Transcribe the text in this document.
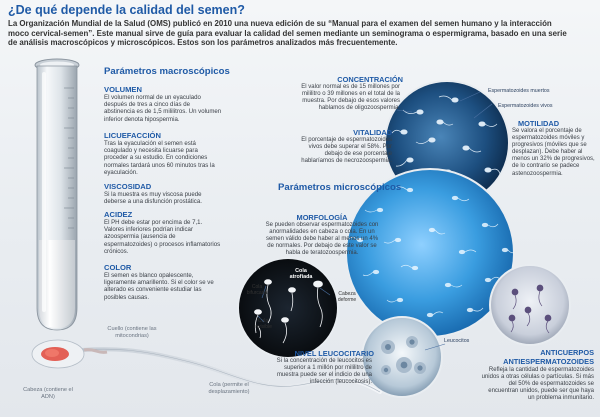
¿De qué depende la calidad del semen?
La Organización Mundial de la Salud (OMS) publicó en 2010 una nueva edición de su “Manual para el examen del semen humano y la interacción moco cervical-semen”. Este manual sirve de guía para evaluar la calidad del semen mediante un seminograma o espermigrama, basado en una serie de análisis macroscópicos y microscópicos. Estos son los parámetros analizados más frecuentemente.
Parámetros macroscópicos
VOLUMEN
El volumen normal de un eyaculado después de tres a cinco días de abstinencia es de 1,5 mililitros. Un volumen inferior denota hipospermia.
LICUEFACCIÓN
Tras la eyaculación el semen está coagulado y necesita licuarse para proceder a su estudio. En condiciones normales tardará unos 60 minutos tras la eyaculación.
VISCOSIDAD
Si la muestra es muy viscosa puede deberse a una disfunción prostática.
ACIDEZ
El PH debe estar por encima de 7,1. Valores inferiores podrían indicar azoospermia (ausencia de espermatozoides) o procesos inflamatorios crónicos.
COLOR
El semen es blanco opalescente, ligeramente amarillento. Si el color se ve alterado es conveniente estudiar las posibles causas.
CONCENTRACIÓN
El valor normal es de 15 millones por mililitro o 39 millones en el total de la muestra. Por debajo de esos valores hablamos de oligozoospermia.
VITALIDAD
El porcentaje de espermatozoides vivos debe superar el 58%. Por debajo de ese porcentaje hablaríamos de necrozoospermia.
Espermatozoides muertos
Espermatozoides vivos
MOTILIDAD
Se valora el porcentaje de espermatozoides móviles y progresivos (móviles que se desplazan). Debe haber al menos un 32% de progresivos, de lo contrario se padece astenozoospermia.
Parámetros microscópicos
MORFOLOGÍA
Se pueden observar espermatozoides con anormalidades en cabeza o cola. En un semen válido debe haber al menos un 4% de normales. Por debajo de este valor se habla de teratozoospermia.
Cola bifurcada
Cola atrofiada
Cabeza deforme
Cola invisible
Leucocitos
NIVEL LEUCOCITARIO
Si la concentración de leucocitos es superior a 1 millón por mililitro de muestra puede ser el indicio de una infección (leucocitosis).
ANTICUERPOS ANTIESPERMATOZOIDES
Refleja la cantidad de espermatozoides unidos a otras células o partículas. Si más del 50% de espermatozoides se encuentran unidos, puede ser que haya un problema inmunitario.
Cuello (contiene las mitocondrias)
Cabeza (contiene el ADN)
Cola (permite el desplazamiento)
